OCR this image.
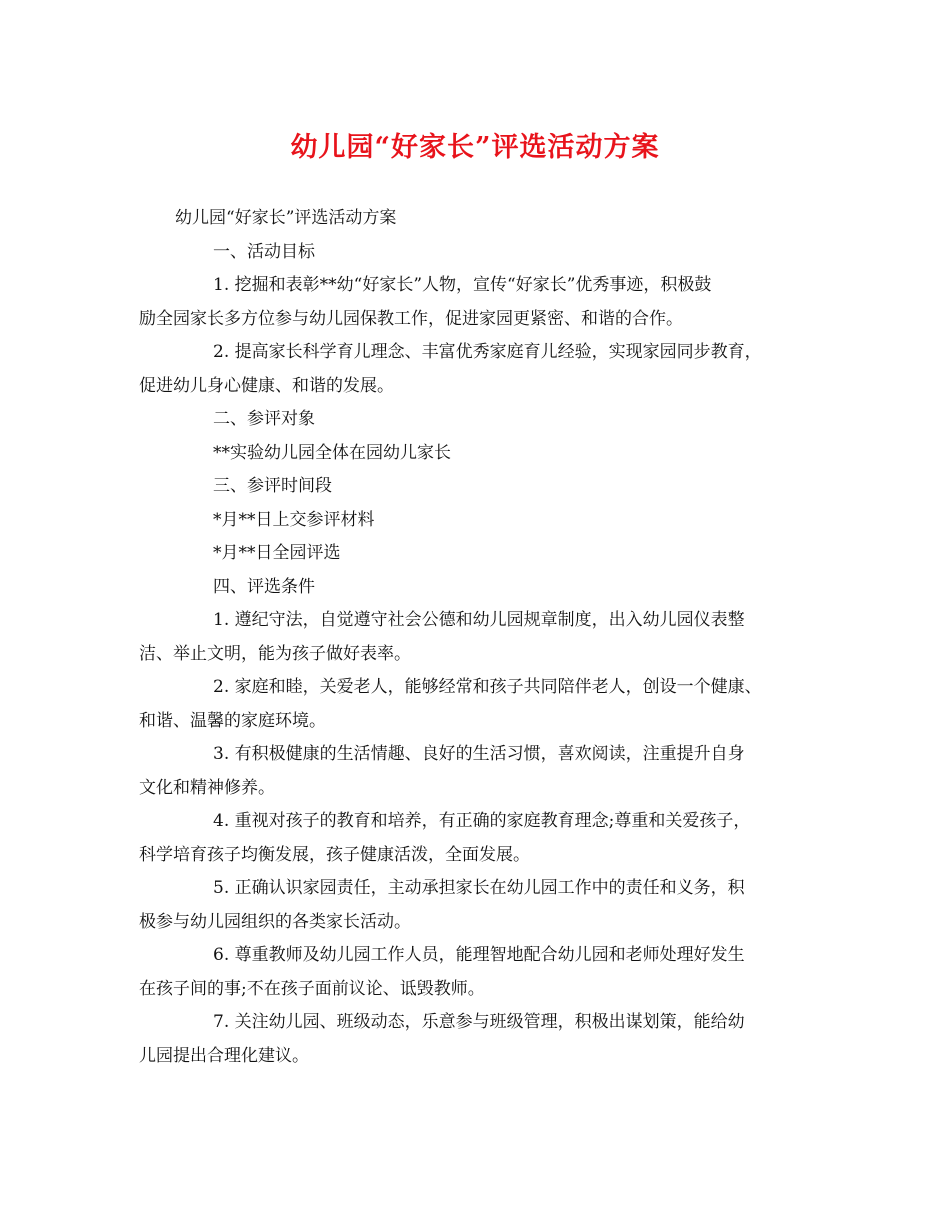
幼儿园“好家长”评选活动方案
幼儿园“好家长”评选活动方案
一、活动目标
1. 挖掘和表彰**幼“好家长”人物，宣传“好家长”优秀事迹，积极鼓
励全园家长多方位参与幼儿园保教工作，促进家园更紧密、和谐的合作。
2. 提高家长科学育儿理念、丰富优秀家庭育儿经验，实现家园同步教育，
促进幼儿身心健康、和谐的发展。
二、参评对象
**实验幼儿园全体在园幼儿家长
三、参评时间段
*月**日上交参评材料
*月**日全园评选
四、评选条件
1. 遵纪守法，自觉遵守社会公德和幼儿园规章制度，出入幼儿园仪表整
洁、举止文明，能为孩子做好表率。
2. 家庭和睦，关爱老人，能够经常和孩子共同陪伴老人，创设一个健康、
和谐、温馨的家庭环境。
3. 有积极健康的生活情趣、良好的生活习惯，喜欢阅读，注重提升自身
文化和精神修养。
4. 重视对孩子的教育和培养，有正确的家庭教育理念;尊重和关爱孩子，
科学培育孩子均衡发展，孩子健康活泼，全面发展。
5. 正确认识家园责任，主动承担家长在幼儿园工作中的责任和义务，积
极参与幼儿园组织的各类家长活动。
6. 尊重教师及幼儿园工作人员，能理智地配合幼儿园和老师处理好发生
在孩子间的事;不在孩子面前议论、诋毁教师。
7. 关注幼儿园、班级动态，乐意参与班级管理，积极出谋划策，能给幼
儿园提出合理化建议。
